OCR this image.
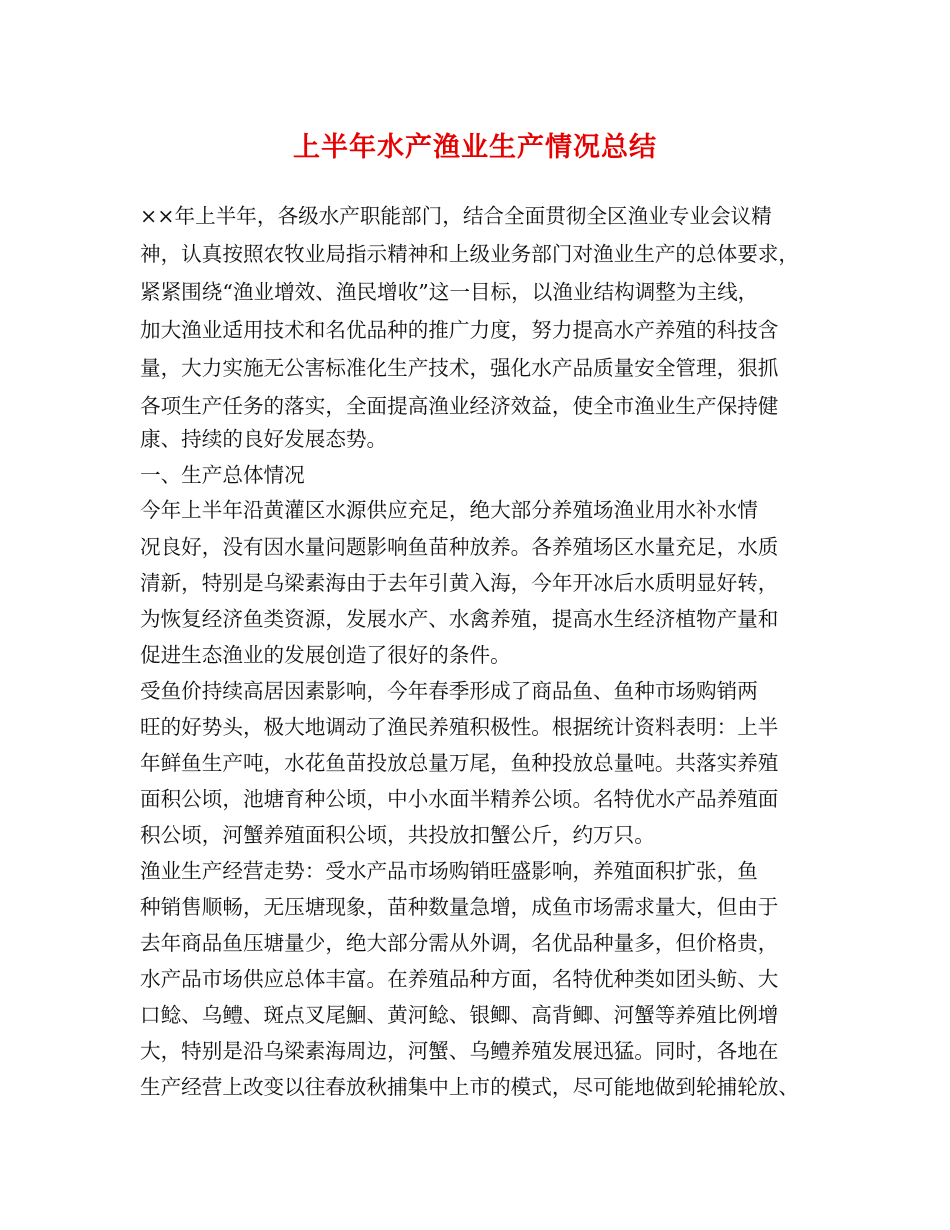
上半年水产渔业生产情况总结
××年上半年，各级水产职能部门，结合全面贯彻全区渔业专业会议精
神，认真按照农牧业局指示精神和上级业务部门对渔业生产的总体要求，
紧紧围绕“渔业增效、渔民增收”这一目标，以渔业结构调整为主线，
加大渔业适用技术和名优品种的推广力度，努力提高水产养殖的科技含
量，大力实施无公害标准化生产技术，强化水产品质量安全管理，狠抓
各项生产任务的落实，全面提高渔业经济效益，使全市渔业生产保持健
康、持续的良好发展态势。
一、生产总体情况
今年上半年沿黄灌区水源供应充足，绝大部分养殖场渔业用水补水情
况良好，没有因水量问题影响鱼苗种放养。各养殖场区水量充足，水质
清新，特别是乌梁素海由于去年引黄入海，今年开冰后水质明显好转，
为恢复经济鱼类资源，发展水产、水禽养殖，提高水生经济植物产量和
促进生态渔业的发展创造了很好的条件。
受鱼价持续高居因素影响，今年春季形成了商品鱼、鱼种市场购销两
旺的好势头，极大地调动了渔民养殖积极性。根据统计资料表明：上半
年鲜鱼生产吨，水花鱼苗投放总量万尾，鱼种投放总量吨。共落实养殖
面积公顷，池塘育种公顷，中小水面半精养公顷。名特优水产品养殖面
积公顷，河蟹养殖面积公顷，共投放扣蟹公斤，约万只。
渔业生产经营走势：受水产品市场购销旺盛影响，养殖面积扩张，鱼
种销售顺畅，无压塘现象，苗种数量急增，成鱼市场需求量大，但由于
去年商品鱼压塘量少，绝大部分需从外调，名优品种量多，但价格贵，
水产品市场供应总体丰富。在养殖品种方面，名特优种类如团头鲂、大
口鲶、乌鳢、斑点叉尾鮰、黄河鲶、银鲫、高背鲫、河蟹等养殖比例增
大，特别是沿乌梁素海周边，河蟹、乌鳢养殖发展迅猛。同时，各地在
生产经营上改变以往春放秋捕集中上市的模式，尽可能地做到轮捕轮放、
